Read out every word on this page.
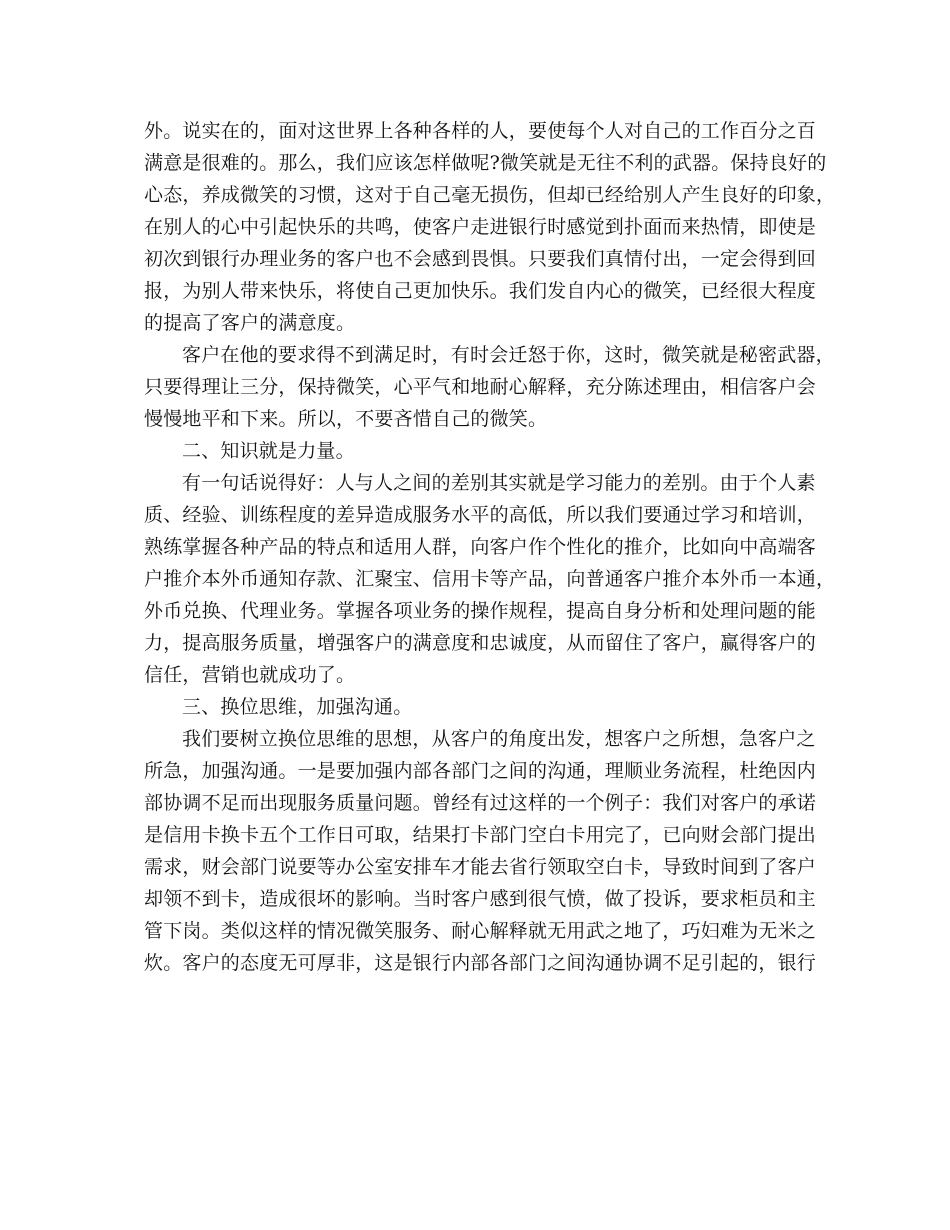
外。说实在的，面对这世界上各种各样的人，要使每个人对自己的工作百分之百
满意是很难的。那么，我们应该怎样做呢?微笑就是无往不利的武器。保持良好的
心态，养成微笑的习惯，这对于自己毫无损伤，但却已经给别人产生良好的印象，
在别人的心中引起快乐的共鸣，使客户走进银行时感觉到扑面而来热情，即使是
初次到银行办理业务的客户也不会感到畏惧。只要我们真情付出，一定会得到回
报，为别人带来快乐，将使自己更加快乐。我们发自内心的微笑，已经很大程度
的提高了客户的满意度。
客户在他的要求得不到满足时，有时会迁怒于你，这时，微笑就是秘密武器，
只要得理让三分，保持微笑，心平气和地耐心解释，充分陈述理由，相信客户会
慢慢地平和下来。所以，不要吝惜自己的微笑。
二、知识就是力量。
有一句话说得好：人与人之间的差别其实就是学习能力的差别。由于个人素
质、经验、训练程度的差异造成服务水平的高低，所以我们要通过学习和培训，
熟练掌握各种产品的特点和适用人群，向客户作个性化的推介，比如向中高端客
户推介本外币通知存款、汇聚宝、信用卡等产品，向普通客户推介本外币一本通，
外币兑换、代理业务。掌握各项业务的操作规程，提高自身分析和处理问题的能
力，提高服务质量，增强客户的满意度和忠诚度，从而留住了客户，赢得客户的
信任，营销也就成功了。
三、换位思维，加强沟通。
我们要树立换位思维的思想，从客户的角度出发，想客户之所想，急客户之
所急，加强沟通。一是要加强内部各部门之间的沟通，理顺业务流程，杜绝因内
部协调不足而出现服务质量问题。曾经有过这样的一个例子：我们对客户的承诺
是信用卡换卡五个工作日可取，结果打卡部门空白卡用完了，已向财会部门提出
需求，财会部门说要等办公室安排车才能去省行领取空白卡，导致时间到了客户
却领不到卡，造成很坏的影响。当时客户感到很气愤，做了投诉，要求柜员和主
管下岗。类似这样的情况微笑服务、耐心解释就无用武之地了，巧妇难为无米之
炊。客户的态度无可厚非，这是银行内部各部门之间沟通协调不足引起的，银行
